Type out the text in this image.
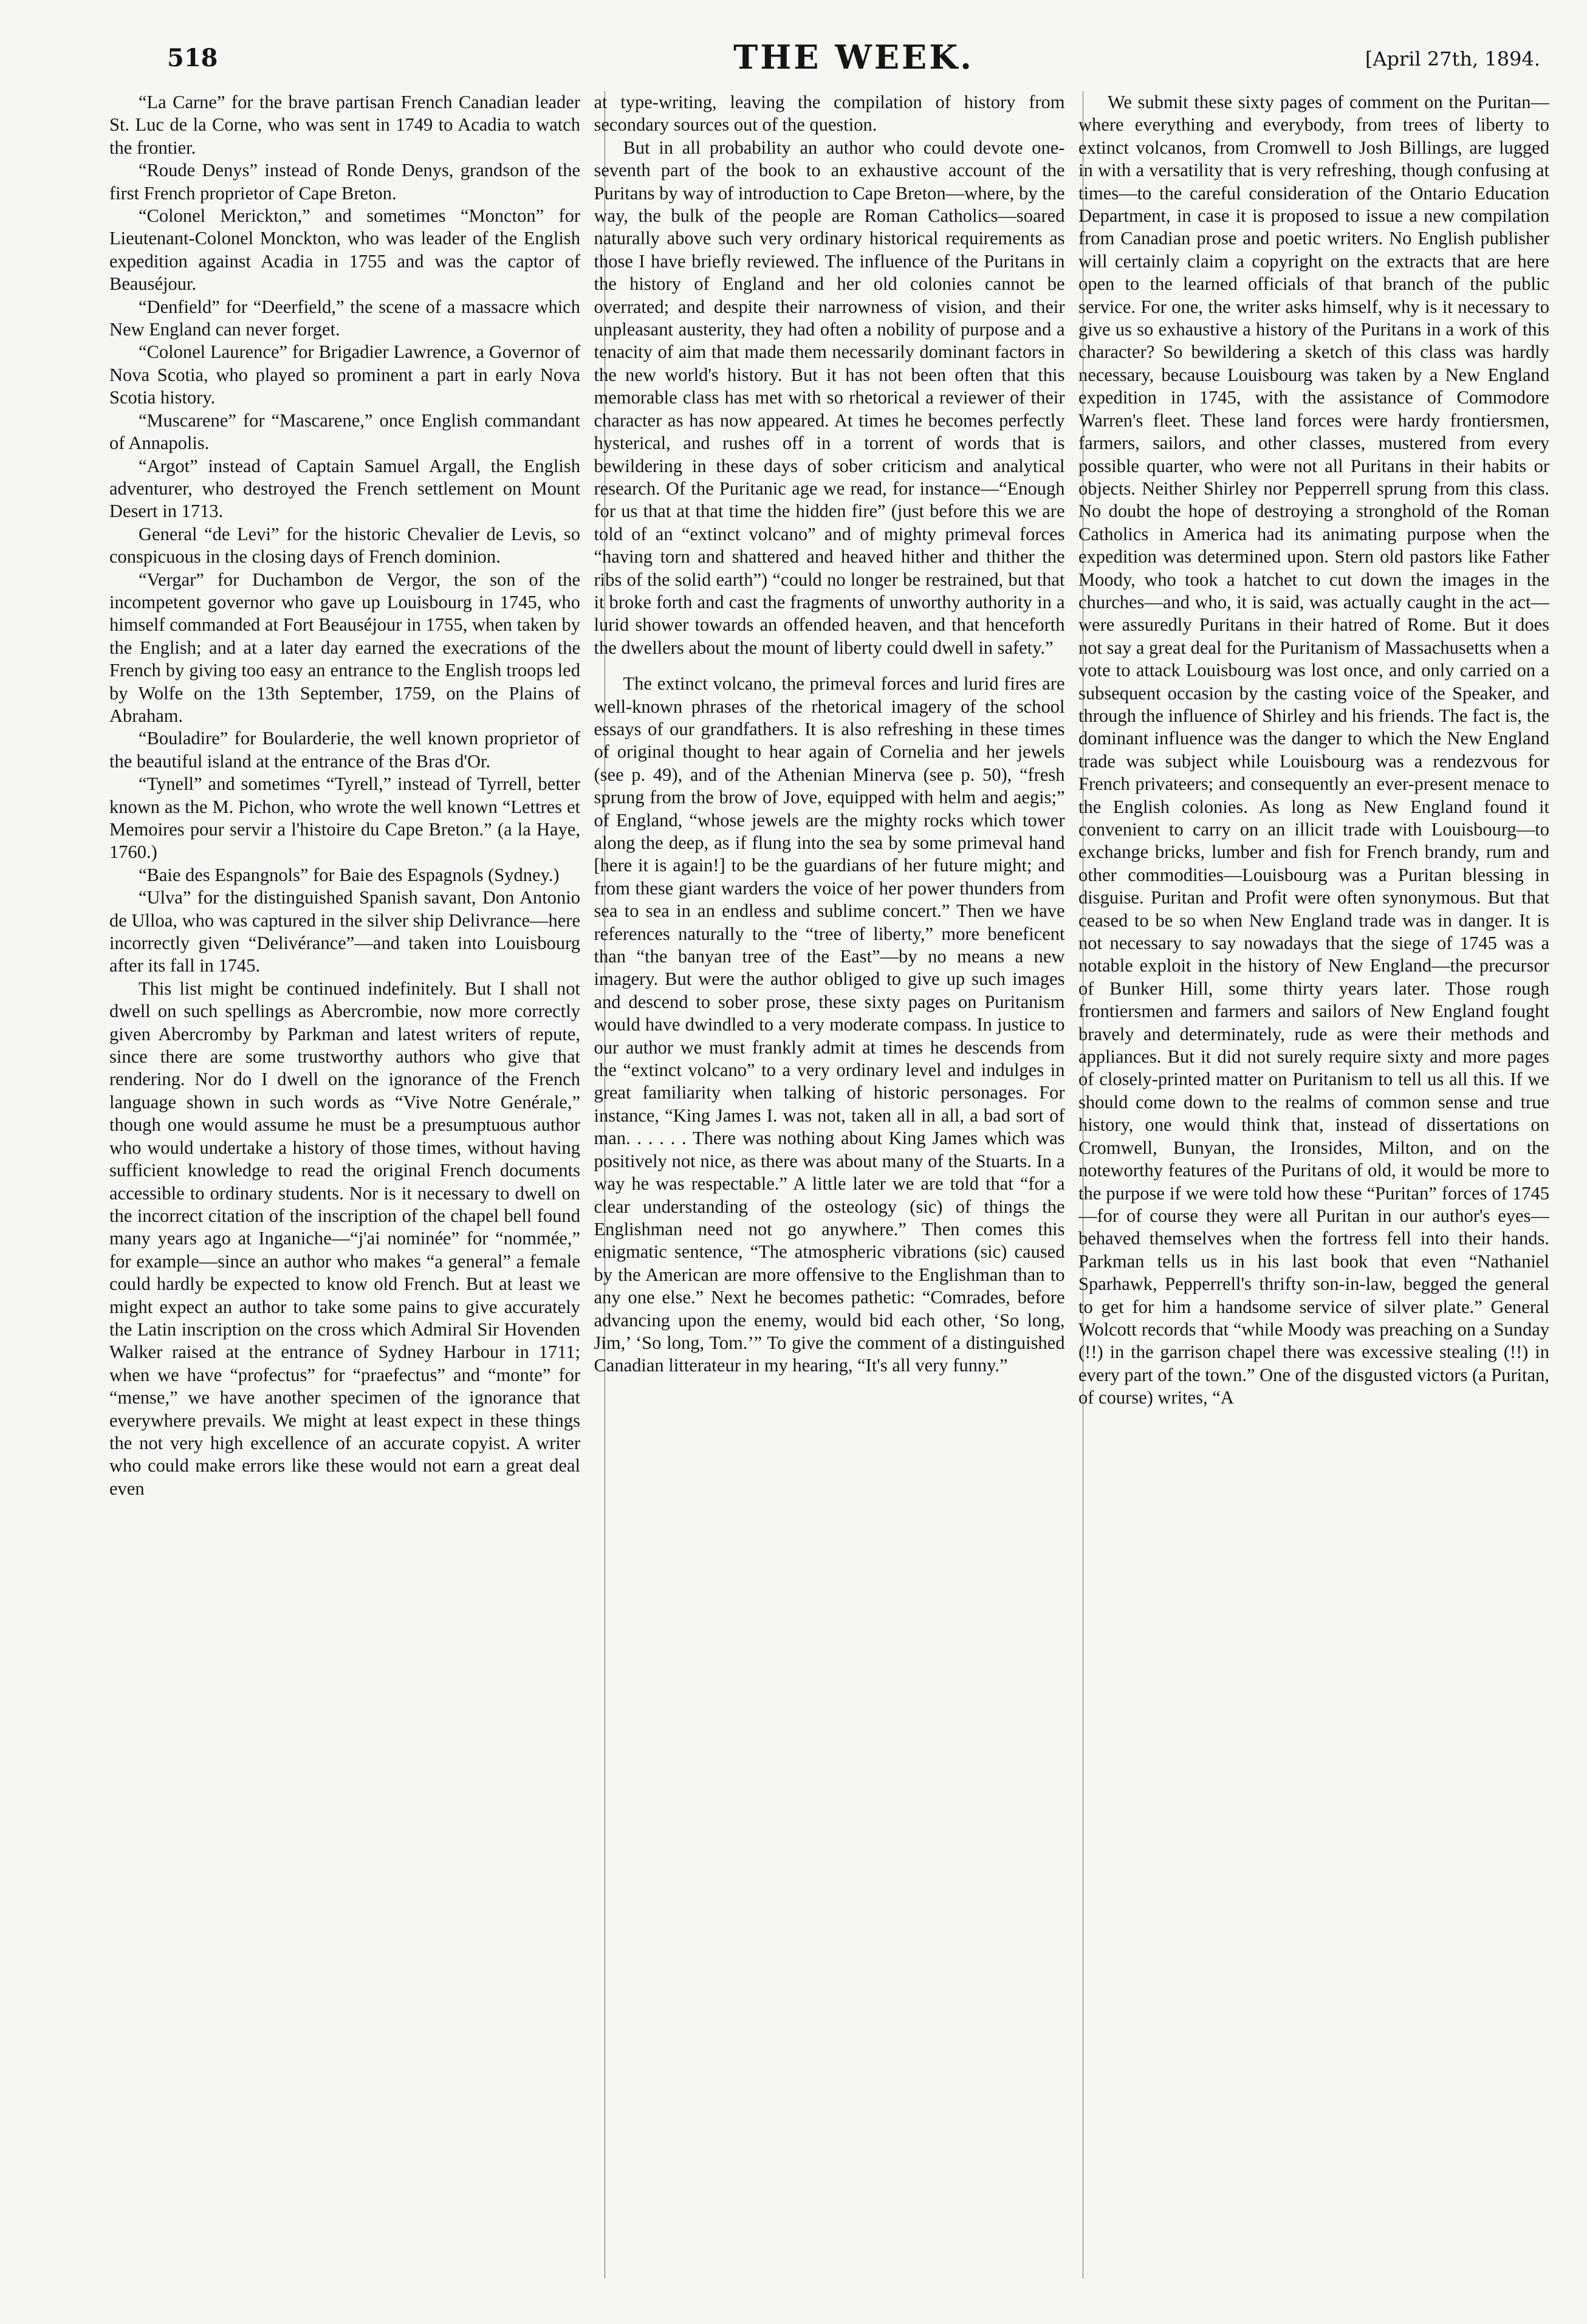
518	THE WEEK.	[April 27th, 1894.

“La Carne” for the brave partisan French Canadian leader St. Luc de la Corne, who was sent in 1749 to Acadia to watch the frontier.

“Roude Denys” instead of Ronde Denys, grandson of the first French proprietor of Cape Breton.

“Colonel Merickton,” and sometimes “Moncton” for Lieutenant-Colonel Monckton, who was leader of the English expedition against Acadia in 1755 and was the captor of Beauséjour.

“Denfield” for “Deerfield,” the scene of a massacre which New England can never forget.

“Colonel Laurence” for Brigadier Lawrence, a Governor of Nova Scotia, who played so prominent a part in early Nova Scotia history.

“Muscarene” for “Mascarene,” once English commandant of Annapolis.

“Argot” instead of Captain Samuel Argall, the English adventurer, who destroyed the French settlement on Mount Desert in 1713.

General “de Levi” for the historic Chevalier de Levis, so conspicuous in the closing days of French dominion.

“Vergar” for Duchambon de Vergor, the son of the incompetent governor who gave up Louisbourg in 1745, who himself commanded at Fort Beauséjour in 1755, when taken by the English; and at a later day earned the execrations of the French by giving too easy an entrance to the English troops led by Wolfe on the 13th September, 1759, on the Plains of Abraham.

“Bouladire” for Boularderie, the well known proprietor of the beautiful island at the entrance of the Bras d'Or.

“Tynell” and sometimes “Tyrell,” instead of Tyrrell, better known as the M. Pichon, who wrote the well known “Lettres et Memoires pour servir a l'histoire du Cape Breton.” (a la Haye, 1760.)

“Baie des Espangnols” for Baie des Espagnols (Sydney.)

“Ulva” for the distinguished Spanish savant, Don Antonio de Ulloa, who was captured in the silver ship Delivrance—here incorrectly given “Delivérance”—and taken into Louisbourg after its fall in 1745.

This list might be continued indefinitely. But I shall not dwell on such spellings as Abercrombie, now more correctly given Abercromby by Parkman and latest writers of repute, since there are some trustworthy authors who give that rendering. Nor do I dwell on the ignorance of the French language shown in such words as “Vive Notre Genérale,” though one would assume he must be a presumptuous author who would undertake a history of those times, without having sufficient knowledge to read the original French documents accessible to ordinary students. Nor is it necessary to dwell on the incorrect citation of the inscription of the chapel bell found many years ago at Inganiche—“j'ai nominée” for “nommée,” for example—since an author who makes “a general” a female could hardly be expected to know old French. But at least we might expect an author to take some pains to give accurately the Latin inscription on the cross which Admiral Sir Hovenden Walker raised at the entrance of Sydney Harbour in 1711; when we have “profectus” for “praefectus” and “monte” for “mense,” we have another specimen of the ignorance that everywhere prevails. We might at least expect in these things the not very high excellence of an accurate copyist. A writer who could make errors like these would not earn a great deal even

at type-writing, leaving the compilation of history from secondary sources out of the question.

But in all probability an author who could devote one-seventh part of the book to an exhaustive account of the Puritans by way of introduction to Cape Breton—where, by the way, the bulk of the people are Roman Catholics—soared naturally above such very ordinary historical requirements as those I have briefly reviewed. The influence of the Puritans in the history of England and her old colonies cannot be overrated; and despite their narrowness of vision, and their unpleasant austerity, they had often a nobility of purpose and a tenacity of aim that made them necessarily dominant factors in the new world's history. But it has not been often that this memorable class has met with so rhetorical a reviewer of their character as has now appeared. At times he becomes perfectly hysterical, and rushes off in a torrent of words that is bewildering in these days of sober criticism and analytical research. Of the Puritanic age we read, for instance—“Enough for us that at that time the hidden fire” (just before this we are told of an “extinct volcano” and of mighty primeval forces “having torn and shattered and heaved hither and thither the ribs of the solid earth”) “could no longer be restrained, but that it broke forth and cast the fragments of unworthy authority in a lurid shower towards an offended heaven, and that henceforth the dwellers about the mount of liberty could dwell in safety.”

The extinct volcano, the primeval forces and lurid fires are well-known phrases of the rhetorical imagery of the school essays of our grandfathers. It is also refreshing in these times of original thought to hear again of Cornelia and her jewels (see p. 49), and of the Athenian Minerva (see p. 50), “fresh sprung from the brow of Jove, equipped with helm and aegis;” of England, “whose jewels are the mighty rocks which tower along the deep, as if flung into the sea by some primeval hand [here it is again!] to be the guardians of her future might; and from these giant warders the voice of her power thunders from sea to sea in an endless and sublime concert.” Then we have references naturally to the “tree of liberty,” more beneficent than “the banyan tree of the East”—by no means a new imagery. But were the author obliged to give up such images and descend to sober prose, these sixty pages on Puritanism would have dwindled to a very moderate compass. In justice to our author we must frankly admit at times he descends from the “extinct volcano” to a very ordinary level and indulges in great familiarity when talking of historic personages. For instance, “King James I. was not, taken all in all, a bad sort of man. . . . . . There was nothing about King James which was positively not nice, as there was about many of the Stuarts. In a way he was respectable.” A little later we are told that “for a clear understanding of the osteology (sic) of things the Englishman need not go anywhere.” Then comes this enigmatic sentence, “The atmospheric vibrations (sic) caused by the American are more offensive to the Englishman than to any one else.” Next he becomes pathetic: “Comrades, before advancing upon the enemy, would bid each other, ‘So long, Jim,’ ‘So long, Tom.’” To give the comment of a distinguished Canadian litterateur in my hearing, “It's all very funny.”

We submit these sixty pages of comment on the Puritan—where everything and everybody, from trees of liberty to extinct volcanos, from Cromwell to Josh Billings, are lugged in with a versatility that is very refreshing, though confusing at times—to the careful consideration of the Ontario Education Department, in case it is proposed to issue a new compilation from Canadian prose and poetic writers. No English publisher will certainly claim a copyright on the extracts that are here open to the learned officials of that branch of the public service. For one, the writer asks himself, why is it necessary to give us so exhaustive a history of the Puritans in a work of this character? So bewildering a sketch of this class was hardly necessary, because Louisbourg was taken by a New England expedition in 1745, with the assistance of Commodore Warren's fleet. These land forces were hardy frontiersmen, farmers, sailors, and other classes, mustered from every possible quarter, who were not all Puritans in their habits or objects. Neither Shirley nor Pepperrell sprung from this class. No doubt the hope of destroying a stronghold of the Roman Catholics in America had its animating purpose when the expedition was determined upon. Stern old pastors like Father Moody, who took a hatchet to cut down the images in the churches—and who, it is said, was actually caught in the act—were assuredly Puritans in their hatred of Rome. But it does not say a great deal for the Puritanism of Massachusetts when a vote to attack Louisbourg was lost once, and only carried on a subsequent occasion by the casting voice of the Speaker, and through the influence of Shirley and his friends. The fact is, the dominant influence was the danger to which the New England trade was subject while Louisbourg was a rendezvous for French privateers; and consequently an ever-present menace to the English colonies. As long as New England found it convenient to carry on an illicit trade with Louisbourg—to exchange bricks, lumber and fish for French brandy, rum and other commodities—Louisbourg was a Puritan blessing in disguise. Puritan and Profit were often synonymous. But that ceased to be so when New England trade was in danger. It is not necessary to say nowadays that the siege of 1745 was a notable exploit in the history of New England—the precursor of Bunker Hill, some thirty years later. Those rough frontiersmen and farmers and sailors of New England fought bravely and determinately, rude as were their methods and appliances. But it did not surely require sixty and more pages of closely-printed matter on Puritanism to tell us all this. If we should come down to the realms of common sense and true history, one would think that, instead of dissertations on Cromwell, Bunyan, the Ironsides, Milton, and on the noteworthy features of the Puritans of old, it would be more to the purpose if we were told how these “Puritan” forces of 1745—for of course they were all Puritan in our author's eyes—behaved themselves when the fortress fell into their hands. Parkman tells us in his last book that even “Nathaniel Sparhawk, Pepperrell's thrifty son-in-law, begged the general to get for him a handsome service of silver plate.” General Wolcott records that “while Moody was preaching on a Sunday (!!) in the garrison chapel there was excessive stealing (!!) in every part of the town.” One of the disgusted victors (a Puritan, of course) writes, “A
